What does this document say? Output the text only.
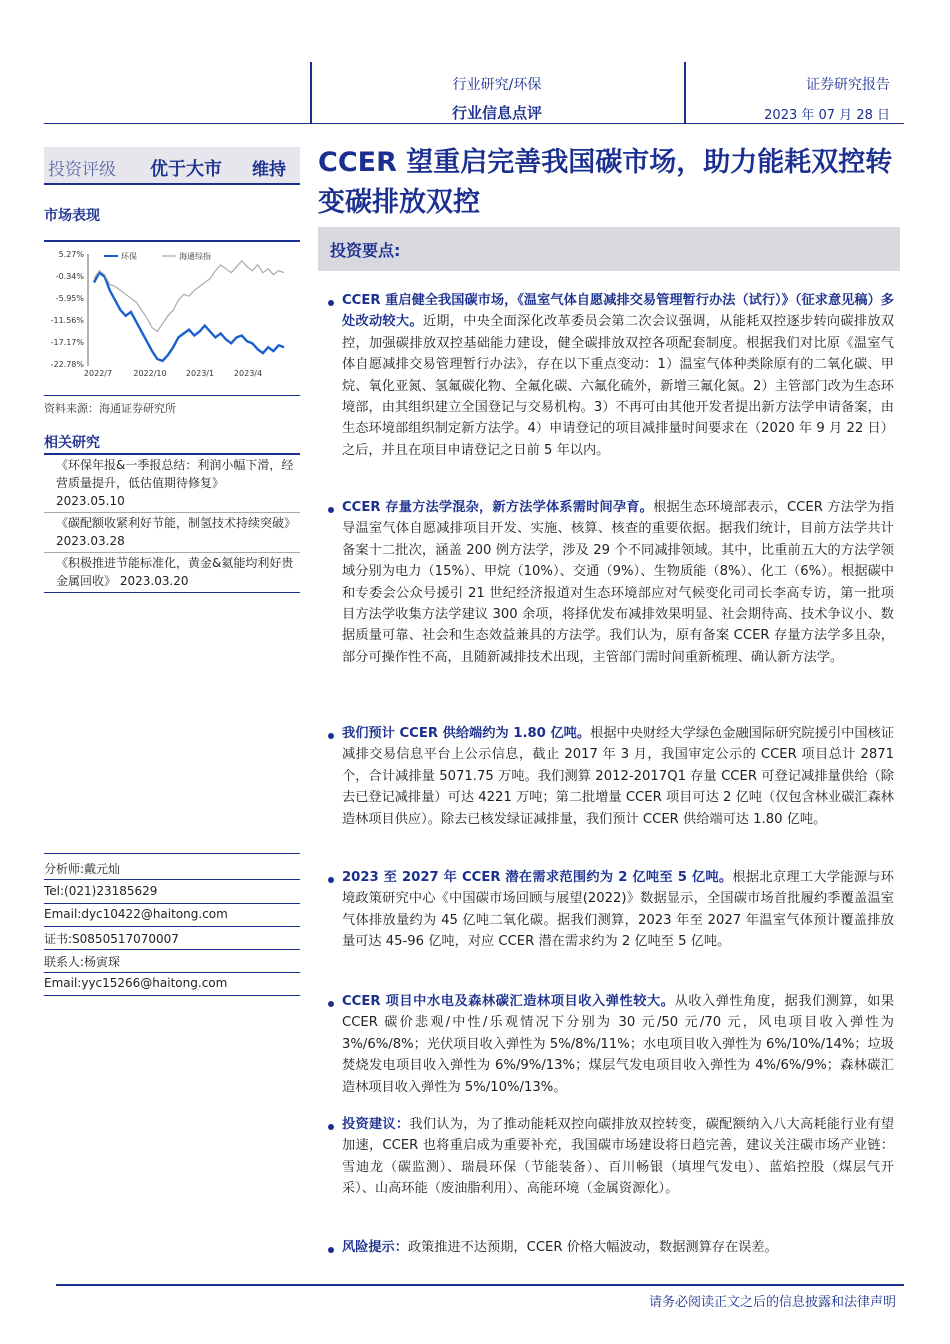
行业研究/环保
行业信息点评
证券研究报告
2023 年 07 月 28 日
投资评级 优于大市 维持 CCER 望重启完善我国碳市场，助力能耗双控转变碳排放双控
市场表现
5.27%
-0.34%
-5.95%
-11.56%
-17.17%
-22.78%
2022/7	2022/10 2023/1 2023/4
环保	海通综指
资料来源：海通证券研究所
相关研究
《环保年报&一季报总结：利润小幅下滑，经营质量提升，低估值期待修复》
2023.05.10
《碳配额收紧利好节能，制氢技术持续突破》 2023.03.28
《积极推进节能标准化，黄金&氦能均利好贵金属回收》 2023.03.20
分析师:戴元灿
Tel:(021)23185629
Email:dyc10422@haitong.com
证书:S0850517070007
联系人:杨寅琛
Email:yyc15266@haitong.com
投资要点:
CCER 重启健全我国碳市场，《温室气体自愿减排交易管理暂行办法（试行）》（征求意见稿）多处改动较大。近期，中央全面深化改革委员会第二次会议强调，从能耗双控逐步转向碳排放双控，加强碳排放双控基础能力建设，健全碳排放双控各项配套制度。根据我们对比原《温室气体自愿减排交易管理暂行办法》，存在以下重点变动：1）温室气体种类除原有的二氧化碳、甲烷、氧化亚氮、氢氟碳化物、全氟化碳、六氟化硫外，新增三氟化氮。2）主管部门改为生态环境部，由其组织建立全国登记与交易机构。3）不再可由其他开发者提出新方法学申请备案，由生态环境部组织制定新方法学。4）申请登记的项目减排量时间要求在（2020 年 9 月 22 日）之后，并且在项目申请登记之日前 5 年以内。
CCER 存量方法学混杂，新方法学体系需时间孕育。根据生态环境部表示，CCER 方法学为指导温室气体自愿减排项目开发、实施、核算、核查的重要依据。据我们统计，目前方法学共计备案十二批次，涵盖 200 例方法学，涉及 29 个不同减排领域。其中，比重前五大的方法学领域分别为电力（15%）、甲烷（10%）、交通（9%）、生物质能（8%）、化工（6%）。根据碳中和专委会公众号援引 21 世纪经济报道对生态环境部应对气候变化司司长李高专访，第一批项目方法学收集方法学建议 300 余项，将择优发布减排效果明显、社会期待高、技术争议小、数据质量可靠、社会和生态效益兼具的方法学。我们认为，原有备案 CCER 存量方法学多且杂，部分可操作性不高，且随新减排技术出现，主管部门需时间重新梳理、确认新方法学。
我们预计 CCER 供给端约为 1.80 亿吨。根据中央财经大学绿色金融国际研究院援引中国核证减排交易信息平台上公示信息，截止 2017 年 3 月，我国审定公示的 CCER 项目总计 2871 个，合计减排量 5071.75 万吨。我们测算 2012-2017Q1 存量 CCER 可登记减排量供给（除去已登记减排量）可达 4221 万吨；第二批增量 CCER 项目可达 2 亿吨（仅包含林业碳汇森林造林项目供应）。除去已核发绿证减排量，我们预计 CCER 供给端可达 1.80 亿吨。
2023 至 2027 年 CCER 潜在需求范围约为 2 亿吨至 5 亿吨。根据北京理工大学能源与环境政策研究中心《中国碳市场回顾与展望(2022)》数据显示，全国碳市场首批履约季覆盖温室气体排放量约为 45 亿吨二氧化碳。据我们测算，2023 年至 2027 年温室气体预计覆盖排放量可达 45-96 亿吨，对应 CCER 潜在需求约为 2 亿吨至 5 亿吨。
CCER 项目中水电及森林碳汇造林项目收入弹性较大。从收入弹性角度，据我们测算，如果 CCER 碳价悲观/中性/乐观情况下分别为 30 元/50 元/70 元，风电项目收入弹性为 3%/6%/8%；光伏项目收入弹性为 5%/8%/11%；水电项目收入弹性为 6%/10%/14%；垃圾焚烧发电项目收入弹性为 6%/9%/13%；煤层气发电项目收入弹性为 4%/6%/9%；森林碳汇造林项目收入弹性为 5%/10%/13%。
投资建议：我们认为，为了推动能耗双控向碳排放双控转变，碳配额纳入八大高耗能行业有望加速，CCER 也将重启成为重要补充，我国碳市场建设将日趋完善，建议关注碳市场产业链：雪迪龙（碳监测）、瑞晨环保（节能装备）、百川畅银（填埋气发电）、蓝焰控股（煤层气开采）、山高环能（废油脂利用）、高能环境（金属资源化）。
风险提示：政策推进不达预期，CCER 价格大幅波动，数据测算存在误差。
请务必阅读正文之后的信息披露和法律声明
